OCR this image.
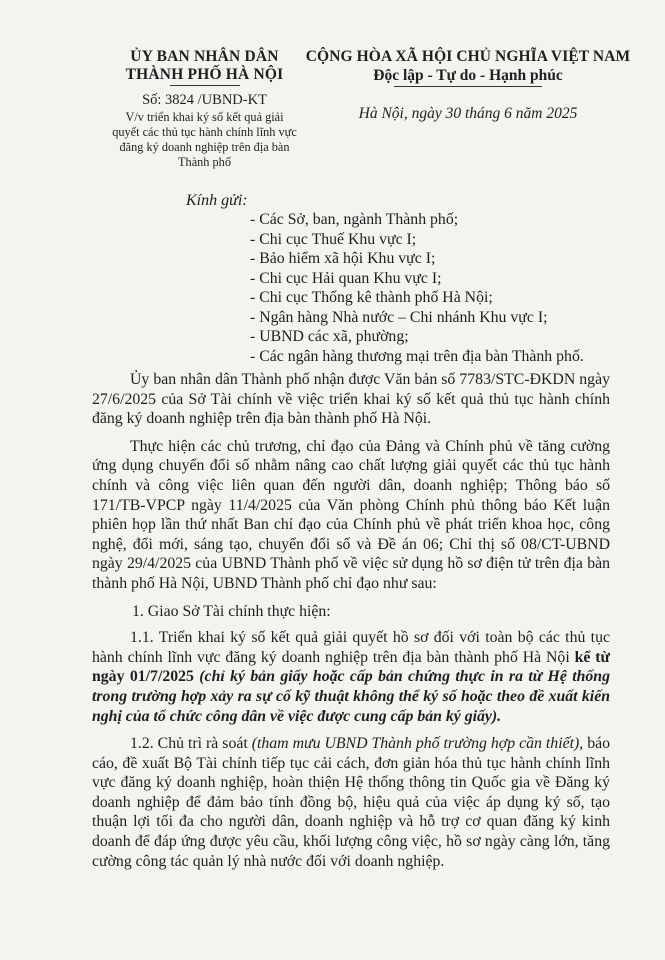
ỦY BAN NHÂN DÂN
THÀNH PHỐ HÀ NỘI
Số: 3824 /UBND-KT
V/v triển khai ký số kết quả giải
quyết các thủ tục hành chính lĩnh vực
đăng ký doanh nghiệp trên địa bàn
Thành phố
CỘNG HÒA XÃ HỘI CHỦ NGHĨA VIỆT NAM
Độc lập - Tự do - Hạnh phúc
Hà Nội, ngày 30 tháng 6 năm 2025
Kính gửi:
- Các Sở, ban, ngành Thành phố;
- Chi cục Thuế Khu vực I;
- Bảo hiểm xã hội Khu vực I;
- Chi cục Hải quan Khu vực I;
- Chi cục Thống kê thành phố Hà Nội;
- Ngân hàng Nhà nước – Chi nhánh Khu vực I;
- UBND các xã, phường;
- Các ngân hàng thương mại trên địa bàn Thành phố.

Ủy ban nhân dân Thành phố nhận được Văn bản số 7783/STC-ĐKDN ngày 27/6/2025 của Sở Tài chính về việc triển khai ký số kết quả thủ tục hành chính đăng ký doanh nghiệp trên địa bàn thành phố Hà Nội.

Thực hiện các chủ trương, chỉ đạo của Đảng và Chính phủ về tăng cường ứng dụng chuyển đổi số nhằm nâng cao chất lượng giải quyết các thủ tục hành chính và công việc liên quan đến người dân, doanh nghiệp; Thông báo số 171/TB-VPCP ngày 11/4/2025 của Văn phòng Chính phủ thông báo Kết luận phiên họp lần thứ nhất Ban chỉ đạo của Chính phủ về phát triển khoa học, công nghệ, đổi mới, sáng tạo, chuyển đổi số và Đề án 06; Chỉ thị số 08/CT-UBND ngày 29/4/2025 của UBND Thành phố về việc sử dụng hồ sơ điện tử trên địa bàn thành phố Hà Nội, UBND Thành phố chỉ đạo như sau:

1. Giao Sở Tài chính thực hiện:

1.1. Triển khai ký số kết quả giải quyết hồ sơ đối với toàn bộ các thủ tục hành chính lĩnh vực đăng ký doanh nghiệp trên địa bàn thành phố Hà Nội kể từ ngày 01/7/2025 (chỉ ký bản giấy hoặc cấp bản chứng thực in ra từ Hệ thống trong trường hợp xảy ra sự cố kỹ thuật không thể ký số hoặc theo đề xuất kiến nghị của tổ chức công dân về việc được cung cấp bản ký giấy).

1.2. Chủ trì rà soát (tham mưu UBND Thành phố trường hợp cần thiết), báo cáo, đề xuất Bộ Tài chính tiếp tục cải cách, đơn giản hóa thủ tục hành chính lĩnh vực đăng ký doanh nghiệp, hoàn thiện Hệ thống thông tin Quốc gia về Đăng ký doanh nghiệp để đảm bảo tính đồng bộ, hiệu quả của việc áp dụng ký số, tạo thuận lợi tối đa cho người dân, doanh nghiệp và hỗ trợ cơ quan đăng ký kinh doanh để đáp ứng được yêu cầu, khối lượng công việc, hồ sơ ngày càng lớn, tăng cường công tác quản lý nhà nước đối với doanh nghiệp.
